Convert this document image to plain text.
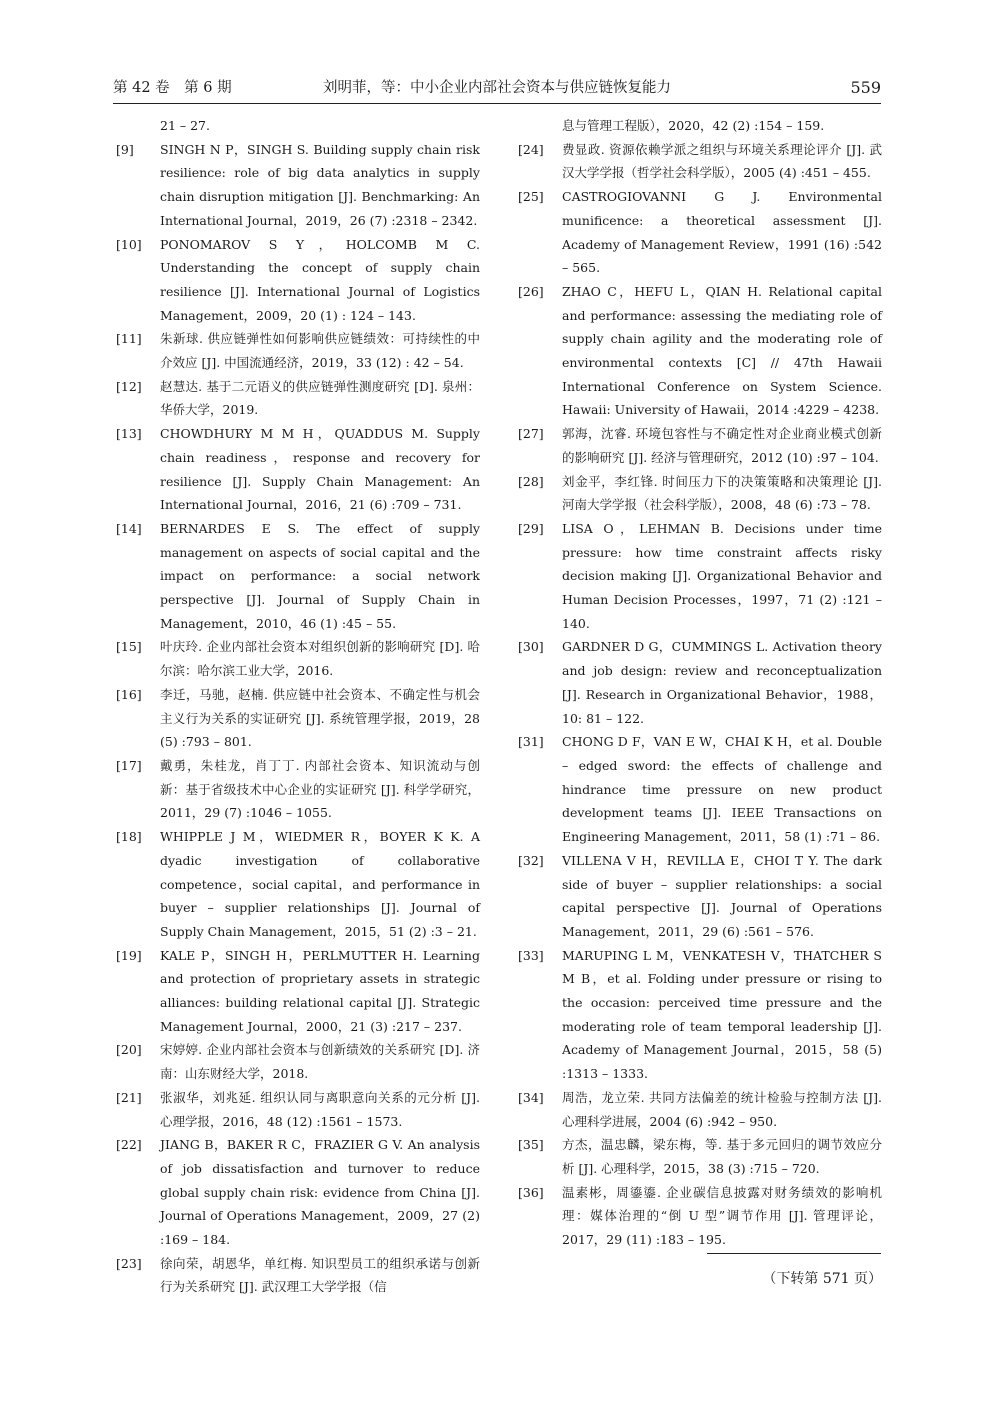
第 42 卷　第 6 期	刘明菲，等：中小企业内部社会资本与供应链恢复能力	559
21 – 27.
[9]	SINGH N P，SINGH S. Building supply chain risk resilience: role of big data analytics in supply chain disruption mitigation [J]. Benchmarking: An International Journal，2019，26 (7) :2318 – 2342.
[10]	PONOMAROV S Y，HOLCOMB M C. Understanding the concept of supply chain resilience [J]. International Journal of Logistics Management，2009，20 (1) : 124 – 143.
[11]	朱新球. 供应链弹性如何影响供应链绩效：可持续性的中介效应 [J]. 中国流通经济，2019，33 (12) : 42 – 54.
[12]	赵慧达. 基于二元语义的供应链弹性测度研究 [D]. 泉州：华侨大学，2019.
[13]	CHOWDHURY M M H，QUADDUS M. Supply chain readiness，response and recovery for resilience [J]. Supply Chain Management: An International Journal，2016，21 (6) :709 – 731.
[14]	BERNARDES E S. The effect of supply management on aspects of social capital and the impact on performance: a social network perspective [J]. Journal of Supply Chain in Management，2010，46 (1) :45 – 55.
[15]	叶庆玲. 企业内部社会资本对组织创新的影响研究 [D]. 哈尔滨：哈尔滨工业大学，2016.
[16]	李迁，马驰，赵楠. 供应链中社会资本、不确定性与机会主义行为关系的实证研究 [J]. 系统管理学报，2019，28 (5) :793 – 801.
[17]	戴勇，朱桂龙，肖丁丁. 内部社会资本、知识流动与创新：基于省级技术中心企业的实证研究 [J]. 科学学研究，2011，29 (7) :1046 – 1055.
[18]	WHIPPLE J M，WIEDMER R，BOYER K K. A dyadic investigation of collaborative competence，social capital，and performance in buyer – supplier relationships [J]. Journal of Supply Chain Management，2015，51 (2) :3 – 21.
[19]	KALE P，SINGH H，PERLMUTTER H. Learning and protection of proprietary assets in strategic alliances: building relational capital [J]. Strategic Management Journal，2000，21 (3) :217 – 237.
[20]	宋婷婷. 企业内部社会资本与创新绩效的关系研究 [D]. 济南：山东财经大学，2018.
[21]	张淑华，刘兆延. 组织认同与离职意向关系的元分析 [J]. 心理学报，2016，48 (12) :1561 – 1573.
[22]	JIANG B，BAKER R C，FRAZIER G V. An analysis of job dissatisfaction and turnover to reduce global supply chain risk: evidence from China [J]. Journal of Operations Management，2009，27 (2) :169 – 184.
[23]	徐向荣，胡恩华，单红梅. 知识型员工的组织承诺与创新行为关系研究 [J]. 武汉理工大学学报（信
息与管理工程版），2020，42 (2) :154 – 159.
[24]	费显政. 资源依赖学派之组织与环境关系理论评介 [J]. 武汉大学学报（哲学社会科学版），2005 (4) :451 – 455.
[25]	CASTROGIOVANNI G J. Environmental munificence: a theoretical assessment [J]. Academy of Management Review，1991 (16) :542 – 565.
[26]	ZHAO C，HEFU L，QIAN H. Relational capital and performance: assessing the mediating role of supply chain agility and the moderating role of environmental contexts [C] // 47th Hawaii International Conference on System Science. Hawaii: University of Hawaii，2014 :4229 – 4238.
[27]	郭海，沈睿. 环境包容性与不确定性对企业商业模式创新的影响研究 [J]. 经济与管理研究，2012 (10) :97 – 104.
[28]	刘金平，李红锋. 时间压力下的决策策略和决策理论 [J]. 河南大学学报（社会科学版），2008，48 (6) :73 – 78.
[29]	LISA O，LEHMAN B. Decisions under time pressure: how time constraint affects risky decision making [J]. Organizational Behavior and Human Decision Processes，1997，71 (2) :121 – 140.
[30]	GARDNER D G，CUMMINGS L. Activation theory and job design: review and reconceptualization [J]. Research in Organizational Behavior，1988，10: 81 – 122.
[31]	CHONG D F，VAN E W，CHAI K H，et al. Double – edged sword: the effects of challenge and hindrance time pressure on new product development teams [J]. IEEE Transactions on Engineering Management，2011，58 (1) :71 – 86.
[32]	VILLENA V H，REVILLA E，CHOI T Y. The dark side of buyer – supplier relationships: a social capital perspective [J]. Journal of Operations Management，2011，29 (6) :561 – 576.
[33]	MARUPING L M，VENKATESH V，THATCHER S M B，et al. Folding under pressure or rising to the occasion: perceived time pressure and the moderating role of team temporal leadership [J]. Academy of Management Journal，2015，58 (5) :1313 – 1333.
[34]	周浩，龙立荣. 共同方法偏差的统计检验与控制方法 [J]. 心理科学进展，2004 (6) :942 – 950.
[35]	方杰，温忠麟，梁东梅，等. 基于多元回归的调节效应分析 [J]. 心理科学，2015，38 (3) :715 – 720.
[36]	温素彬，周鎏鎏. 企业碳信息披露对财务绩效的影响机理：媒体治理的“倒 U 型”调节作用 [J]. 管理评论，2017，29 (11) :183 – 195.
（下转第 571 页）
